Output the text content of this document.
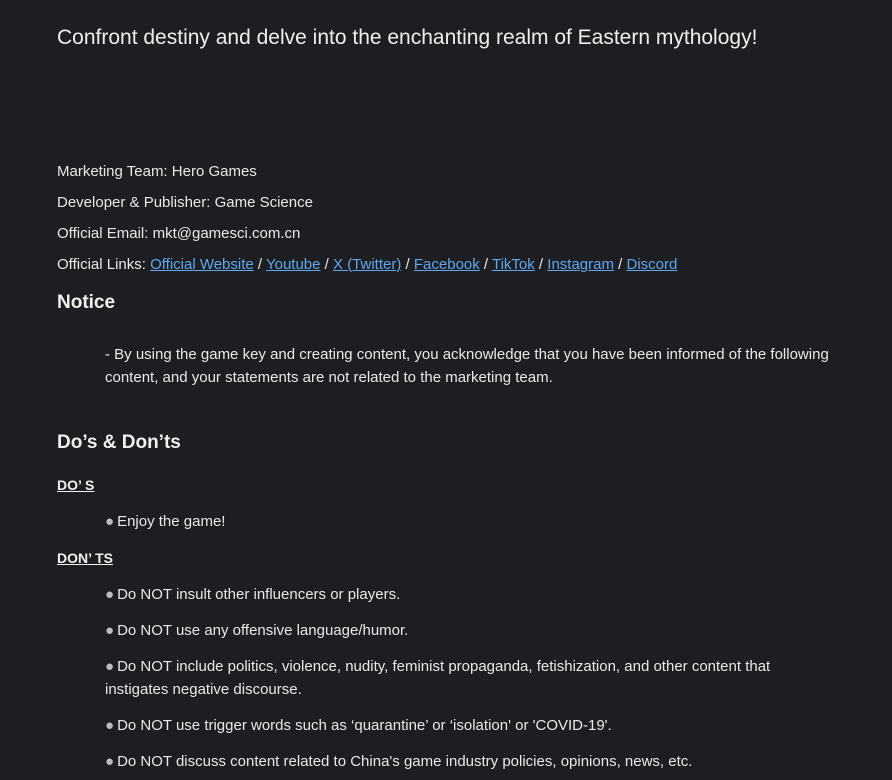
Confront destiny and delve into the enchanting realm of Eastern mythology!
Marketing Team: Hero Games
Developer & Publisher: Game Science
Official Email: mkt@gamesci.com.cn
Official Links: Official Website / Youtube / X (Twitter) / Facebook / TikTok / Instagram / Discord
Notice
- By using the game key and creating content, you acknowledge that you have been informed of the following content, and your statements are not related to the marketing team.
Do’s & Don’ts
DO’ S
● Enjoy the game!
DON’ TS
● Do NOT insult other influencers or players.
● Do NOT use any offensive language/humor.
● Do NOT include politics, violence, nudity, feminist propaganda, fetishization, and other content that instigates negative discourse.
● Do NOT use trigger words such as ‘quarantine’ or ‘isolation' or 'COVID-19'.
● Do NOT discuss content related to China's game industry policies, opinions, news, etc.
